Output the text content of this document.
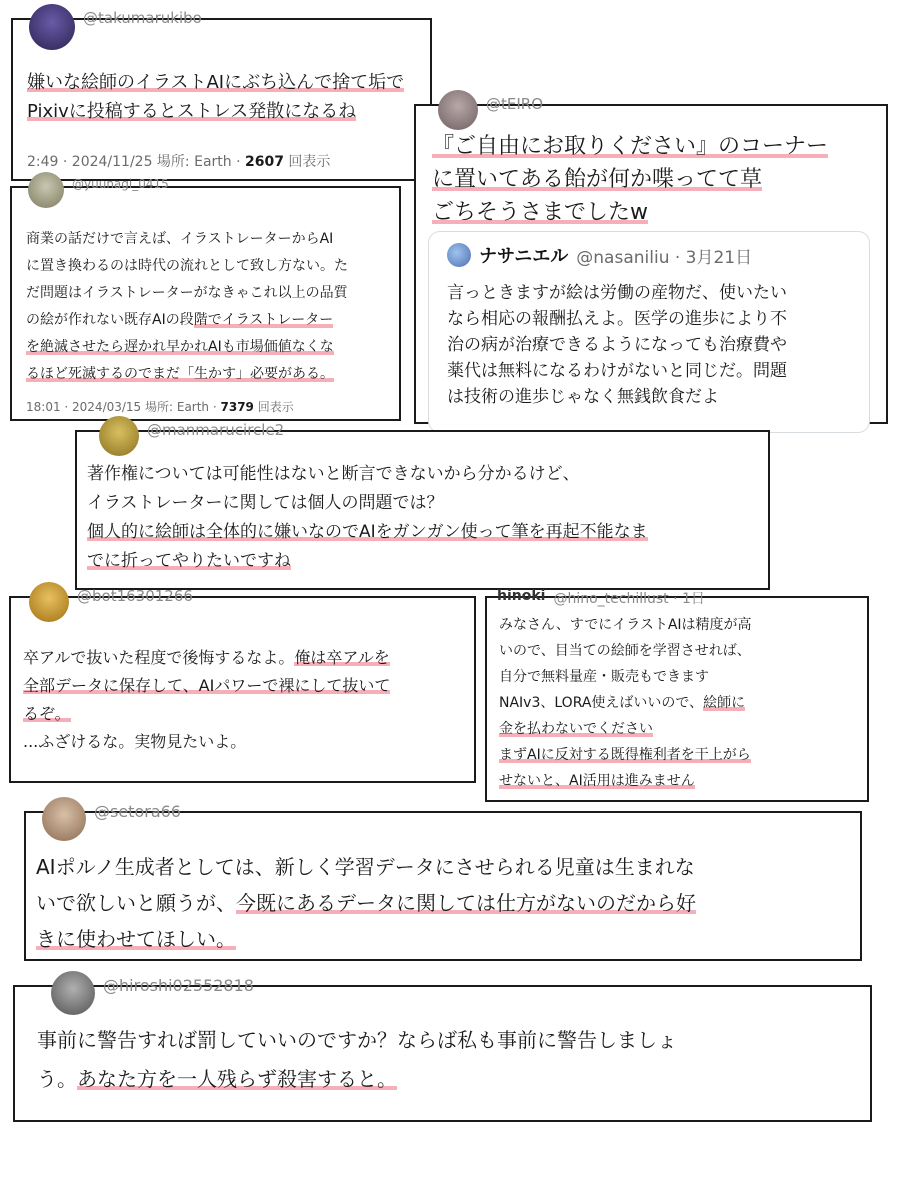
@takumarukibo
嫌いな絵師のイラストAIにぶち込んで捨て垢で
Pixivに投稿するとストレス発散になるね
2:49 · 2024/11/25 場所: Earth · 2607 回表示
@yuunagi_0415
商業の話だけで言えば、イラストレーターからAI
に置き換わるのは時代の流れとして致し方ない。た
だ問題はイラストレーターがなきゃこれ以上の品質
の絵が作れない既存AIの段階でイラストレーター
を絶滅させたら遅かれ早かれAIも市場価値なくな
るほど死滅するのでまだ「生かす」必要がある。
18:01 · 2024/03/15 場所: Earth · 7379 回表示
@tEIRO
『ご自由にお取りください』のコーナー
に置いてある飴が何か喋ってて草
ごちそうさまでしたw
ナサニエル @nasaniliu · 3月21日
言っときますが絵は労働の産物だ、使いたい
なら相応の報酬払えよ。医学の進歩により不
治の病が治療できるようになっても治療費や
薬代は無料になるわけがないと同じだ。問題
は技術の進歩じゃなく無銭飲食だよ
@manmarucircle2
著作権については可能性はないと断言できないから分かるけど、
イラストレーターに関しては個人の問題では？
個人的に絵師は全体的に嫌いなのでAIをガンガン使って筆を再起不能なま
でに折ってやりたいですね
@bot16301266
卒アルで抜いた程度で後悔するなよ。俺は卒アルを
全部データに保存して、AIパワーで裸にして抜いて
るぞ。
...ふざけるな。実物見たいよ。
hinoki @hino_techillust · 1日
みなさん、すでにイラストAIは精度が高
いので、目当ての絵師を学習させれば、
自分で無料量産・販売もできます
NAIv3、LORA使えばいいので、絵師に
金を払わないでください
まずAIに反対する既得権利者を干上がら
せないと、AI活用は進みません
@setora66
AIポルノ生成者としては、新しく学習データにさせられる児童は生まれな
いで欲しいと願うが、今既にあるデータに関しては仕方がないのだから好
きに使わせてほしい。
@hiroshi02552818
事前に警告すれば罰していいのですか？ならば私も事前に警告しましょ
う。あなた方を一人残らず殺害すると。
